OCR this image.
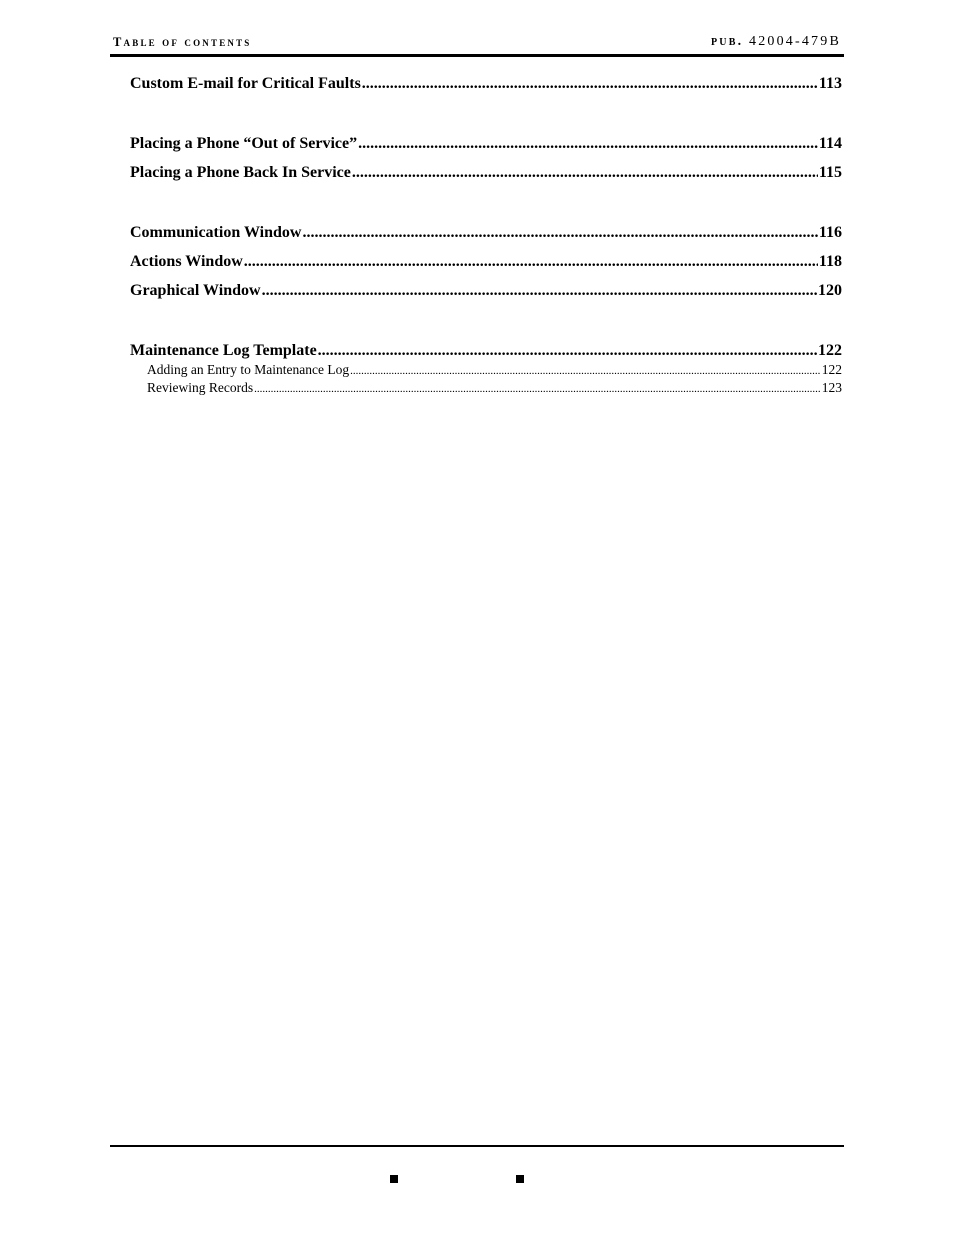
Table of contents	pub. 42004-479B
Custom E-mail for Critical Faults .....	113
Placing a Phone “Out of Service” .....	114
Placing a Phone Back In Service .....	115
Communication Window .....	116
Actions Window .....	118
Graphical Window .....	120
Maintenance Log Template .....	122
Adding an Entry to Maintenance Log .....	122
Reviewing Records .....	123
